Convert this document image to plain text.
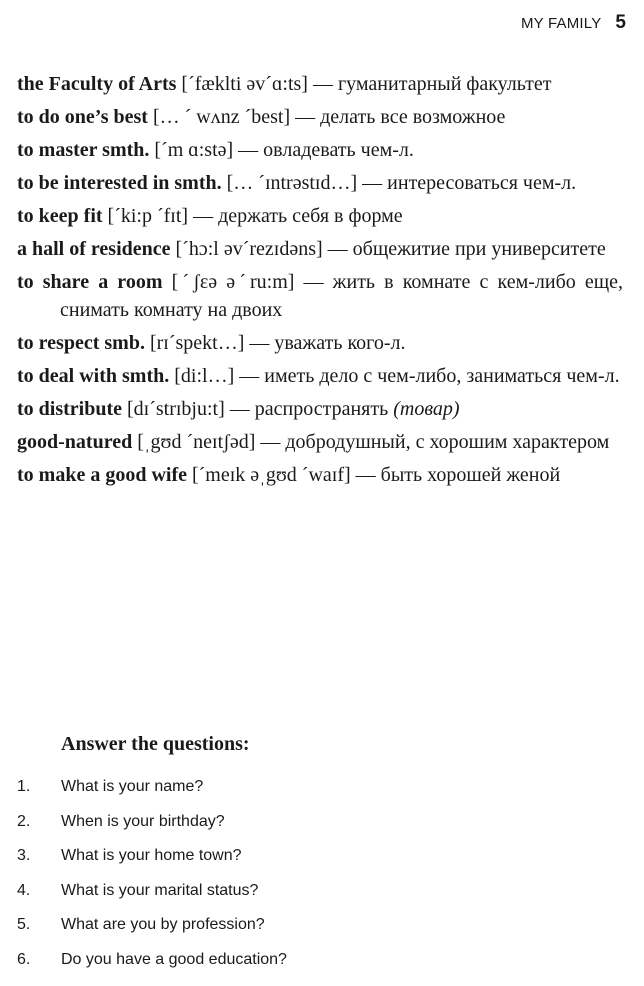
MY FAMILY 5
the Faculty of Arts [ˊfæklti əvˊɑ:ts] — гуманитарный факультет
to do one’s best [… ˊ wʌnz ˊbest] — делать все возможное
to master smth. [ˊm ɑ:stə] — овладевать чем-л.
to be interested in smth. [… ˊɪntrəstɪd…] — интересоваться чем-л.
to keep fit [ˊki:p ˊfɪt] — держать себя в форме
a hall of residence [ˊhɔ:l əvˊrezɪdəns] — общежитие при университете
to share a room [ˊʃɛə əˊru:m] — жить в комнате с кем-либо еще, снимать комнату на двоих
to respect smb. [rɪˊspekt…] — уважать кого-л.
to deal with smth. [di:l…] — иметь дело с чем-либо, заниматься чем-л.
to distribute [dɪˊstrɪbju:t] — распространять (товар)
good-natured [ˌgʊd ˊneɪtʃəd] — добродушный, с хорошим характером
to make a good wife [ˊmeɪk əˌgʊd ˊwaɪf] — быть хорошей женой
Answer the questions:
1.	What is your name?
2.	When is your birthday?
3.	What is your home town?
4.	What is your marital status?
5.	What are you by profession?
6.	Do you have a good education?
